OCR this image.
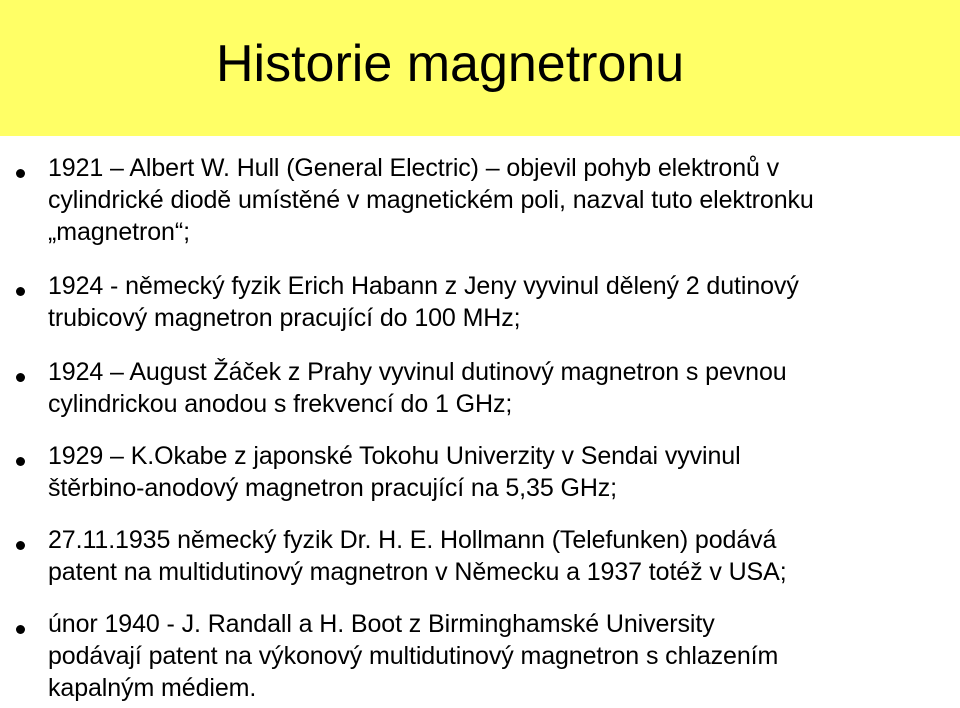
Historie magnetronu
1921 – Albert W. Hull (General Electric) – objevil pohyb elektronů v
cylindrické diodě umístěné v magnetickém poli, nazval tuto elektronku
„magnetron“;
1924 - německý fyzik Erich Habann z Jeny vyvinul dělený 2 dutinový
trubicový magnetron pracující do 100 MHz;
1924 – August Žáček z Prahy vyvinul dutinový magnetron s pevnou
cylindrickou anodou s frekvencí do 1 GHz;
1929 – K.Okabe z japonské Tokohu Univerzity v Sendai vyvinul
štěrbino-anodový magnetron pracující na 5,35 GHz;
27.11.1935 německý fyzik Dr. H. E. Hollmann (Telefunken) podává
patent na multidutinový magnetron v Německu a 1937 totéž v USA;
únor 1940 - J. Randall a H. Boot z Birminghamské University
podávají patent na výkonový multidutinový magnetron s chlazením
kapalným médiem.
